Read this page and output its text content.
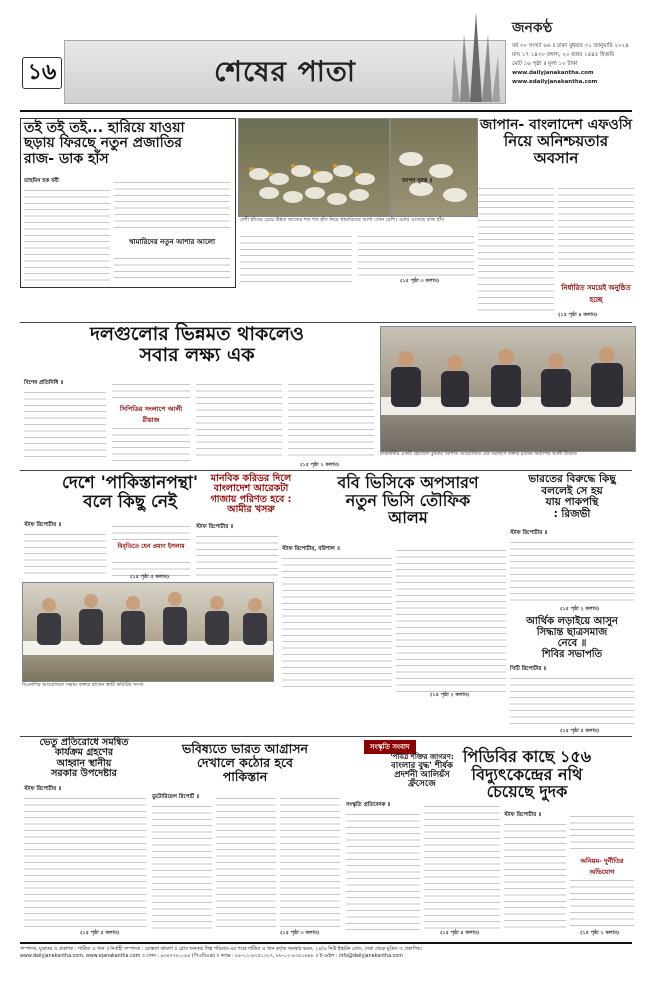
১৬	শেষের পাতা
জনকণ্ঠ
বর্ষ ৩০ সংখ্যা ৬৬ ॥ ঢাকা বুধবার ৩১ জানুয়ারি ২০২৪
মাঘ ১৭ ১৪৩০ বঙ্গাব্দ, ২০ রজব ১৪৪৫ হিজরি
মোট ১৬ পৃষ্ঠা ॥ মূল্য ১০ টাকা
www.dailyjanakantha.com
www.edailyjanakantha.com
তই তই তই... হারিয়ে যাওয়া
ছড়ায় ফিরছে নতুন প্রজাতির
রাজ- ডাক হাঁস
তাহমিন হক ববী
খামারিদের নতুন আশার আলো
দেশী হাঁসের চেয়ে উন্নত জাতের শত শত হাঁস নিয়ে খামারিদের আশা এখন বেশি। এবার এসেছে রাজ হাঁস
(১৫ পৃষ্ঠা ৩ কলাম)
জাপান- বাংলাদেশ এফওসি
নিয়ে অনিশ্চয়তার
অবসান
আপন দুরত্ব ॥
নির্ধারিত সময়েই অনুষ্ঠিত হচ্ছে
(১৫ পৃষ্ঠা ৪ কলাম)
দলগুলোর ভিন্নমত থাকলেও
সবার লক্ষ্য এক
বিশেষ প্রতিনিধি ॥
সিপিডির সংলাপে আলী রীয়াজ
রাজধানীর একটি হোটেলে বুধবার সিপিডি আয়োজিত এক সংলাপে বক্তব্য রাখেন অধ্যাপক আলী রীয়াজ
(১৫ পৃষ্ঠা ২ কলাম)
দেশে 'পাকিস্তানপন্থা'
বলে কিছু নেই
স্টাফ রিপোর্টার ॥
বিবৃতিতে যেন প্রমাণ ইসলাম
বিএনপির আয়োজনে সভায় বক্তব্য রাখেন স্থায়ী কমিটির সদস্য
(১৫ পৃষ্ঠা ৫ কলাম)
মানবিক করিডর দিলে
বাংলাদেশ আরেকটা
গাজায় পরিণত হবে :
আমীর খসরু
স্টাফ রিপোর্টার ॥
ববি ভিসিকে অপসারণ
নতুন ভিসি তৌফিক
আলম
স্টাফ রিপোর্টার, বরিশাল ॥
(১৫ পৃষ্ঠা ২ কলাম)
ভারতের বিরুদ্ধে কিছু
বললেই সে হয়
যায় পাকপন্থি
: রিজভী
স্টাফ রিপোর্টার ॥
(১৫ পৃষ্ঠা ২ কলাম)
আর্থিক লড়াইয়ে আসুন
সিদ্ধান্ত ছাত্রসমাজ
নেবে ॥
শিবির সভাপতি
সিটি রিপোর্টার ॥
(১৫ পৃষ্ঠা ৫ কলাম)
ভেতু প্রতিরোধে সমন্বিত
কার্যক্রম গ্রহণের
আহ্বান স্থানীয়
সরকার উপদেষ্টার
স্টাফ রিপোর্টার ॥
(১৫ পৃষ্ঠা ৫ কলাম)
ভবিষ্যতে ভারত আগ্রাসন
দেখালে কঠোর হবে
পাকিস্তান
ডুটোরিয়েল রিপোর্ট ॥
(১৫ পৃষ্ঠা ৩ কলাম)
সংস্কৃতি সংবাদ
'পবিত্র শক্তির জাগরণ:
বাংলার বুদ্ধ' শীর্ষক
প্রদর্শনী আলিয়ঁস
ফ্রঁসেজে
সংস্কৃতি প্রতিবেদক ॥
(১৫ পৃষ্ঠা ৪ কলাম)
পিডিবির কাছে ১৫৬
বিদ্যুৎকেন্দ্রের নথি
চেয়েছে দুদক
স্টাফ রিপোর্টার ॥
অনিয়ম- দুর্নীতির অভিযোগ
(১৫ পৃষ্ঠা ২ কলাম)
সম্পাদক, মুদ্রাকর ও প্রকাশক : শামীমা এ খান ॥ নির্বাহী সম্পাদক : মোস্তফা কামাল ॥ গ্লোব জনকণ্ঠ শিল্প পরিবার-এর পক্ষে শামীমা এ খান কর্তৃক জনকণ্ঠ ভবন, ২৪/এ নিউ ইস্কাটন রোড, ঢাকা থেকে মুদ্রিত ও প্রকাশিত।
www.dailyjanakantha.com, www.ejanakantha.com ॥ ফোন : ৯৩৪৭৭৮০-৯৪ (পিএবিএক্স) ॥ ফ্যাক্স : ৮৮-০২-৯৩৫১৩১৭, ৮৮-০২-৯৩৫০৬৪৮ ॥ ই-মেইল : info@dailyjanakantha.com
